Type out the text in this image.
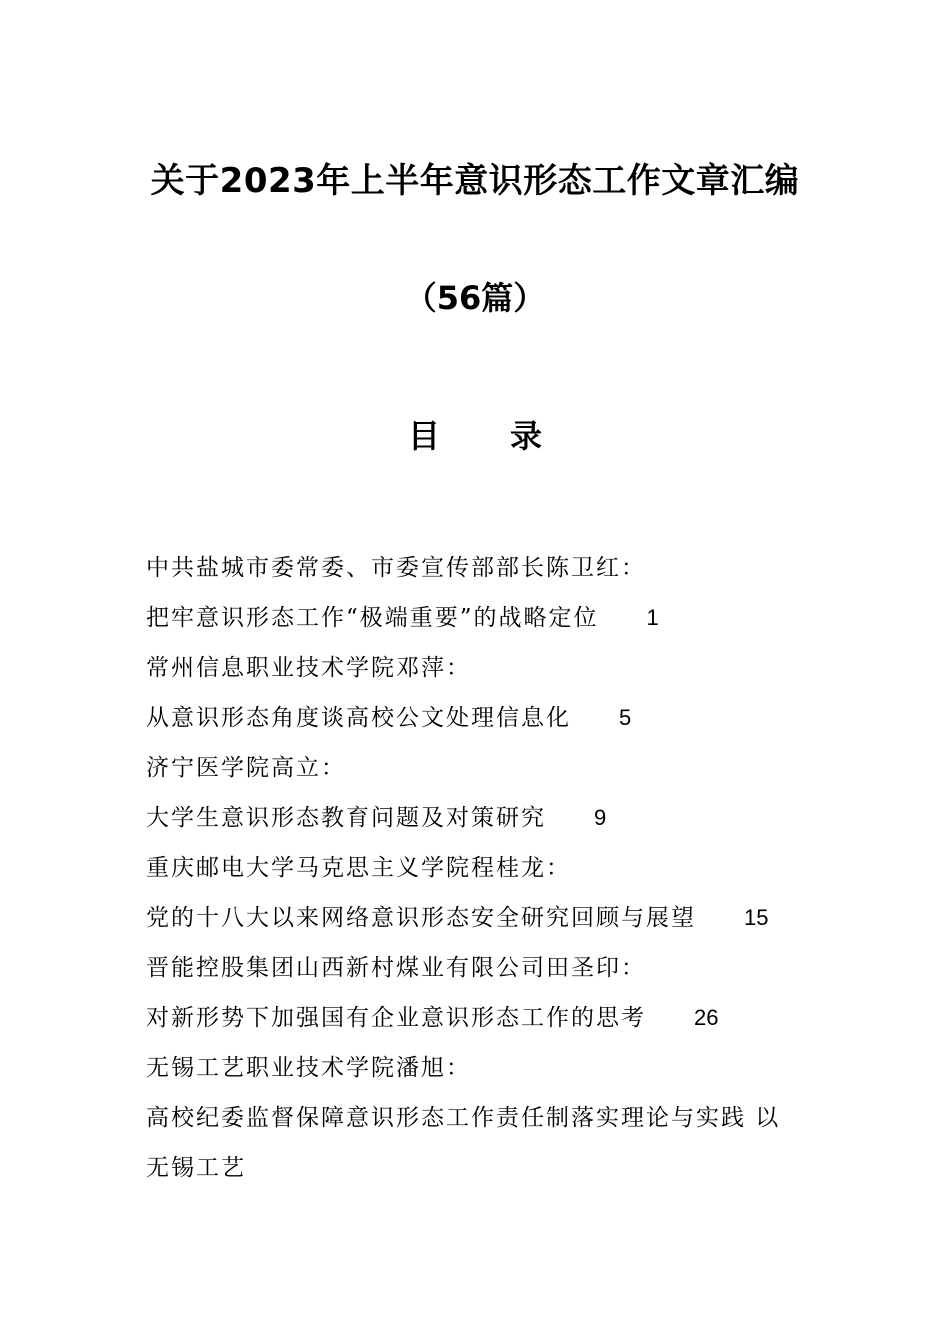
关于2023年上半年意识形态工作文章汇编
（56篇）
目录
中共盐城市委常委、市委宣传部部长陈卫红：
把牢意识形态工作“极端重要”的战略定位 1
常州信息职业技术学院邓萍：
从意识形态角度谈高校公文处理信息化 5
济宁医学院高立：
大学生意识形态教育问题及对策研究 9
重庆邮电大学马克思主义学院程桂龙：
党的十八大以来网络意识形态安全研究回顾与展望 15
晋能控股集团山西新村煤业有限公司田圣印：
对新形势下加强国有企业意识形态工作的思考 26
无锡工艺职业技术学院潘旭：
高校纪委监督保障意识形态工作责任制落实理论与实践 以
无锡工艺
